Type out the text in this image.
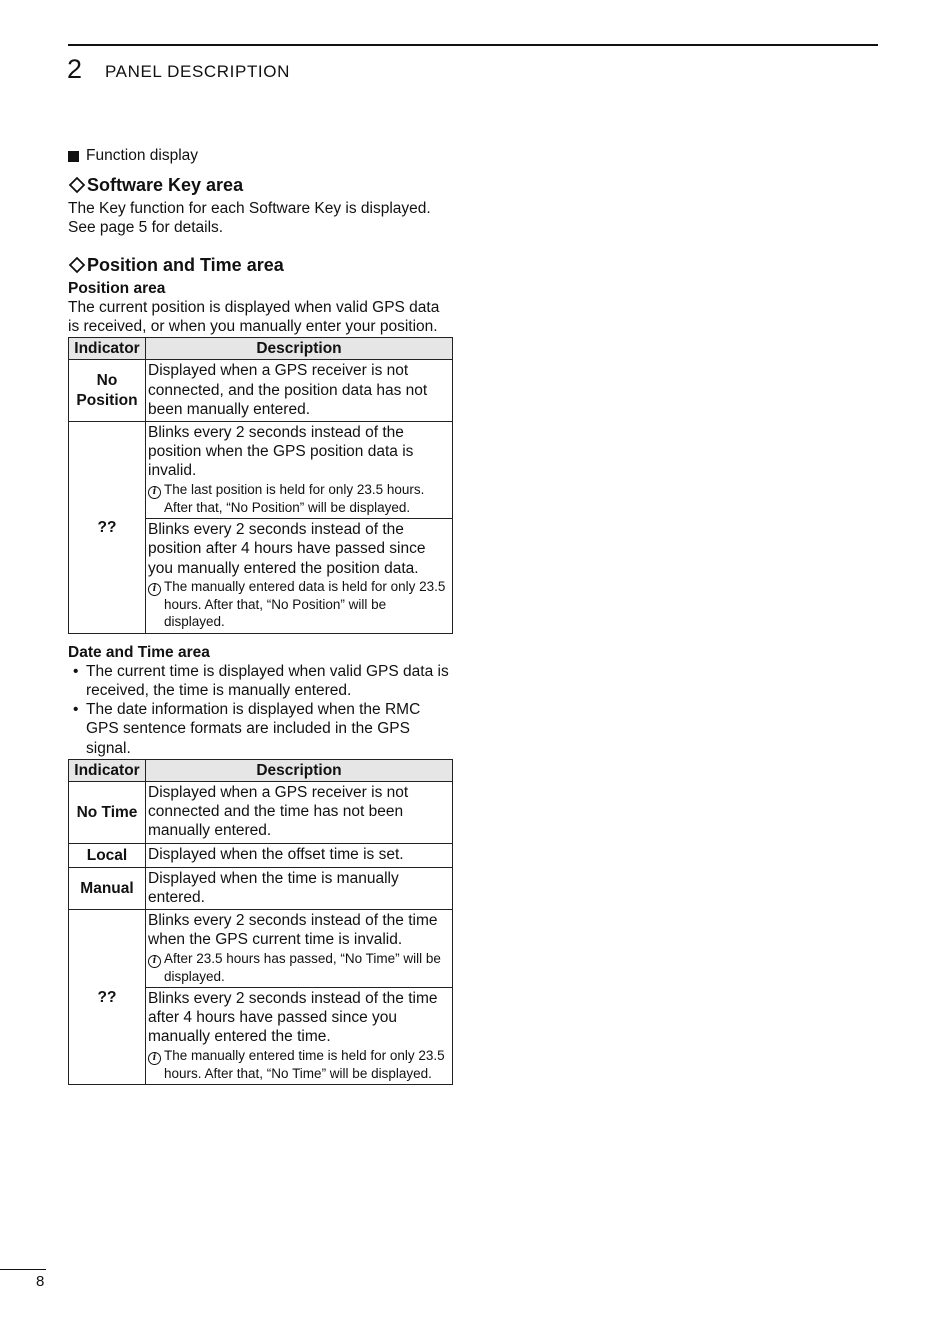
2 PANEL DESCRIPTION
Function display
Software Key area

The Key function for each Software Key is displayed. See page 5 for details.

Position and Time area
Position area

The current position is displayed when valid GPS data is received, or when you manually enter your position.

Indicator	Description
No Position	Displayed when a GPS receiver is not connected, and the position data has not been manually entered.
??	Blinks every 2 seconds instead of the position when the GPS position data is invalid.

i The last position is held for only 23.5 hours. After that, “No Position” will be displayed.

	Blinks every 2 seconds instead of the position after 4 hours have passed since you manually entered the position data.

i The manually entered data is held for only 23.5 hours. After that, “No Position” will be displayed.

Date and Time area
• The current time is displayed when valid GPS data is received, the time is manually entered.
• The date information is displayed when the RMC GPS sentence formats are included in the GPS signal.
Indicator	Description
No Time	Displayed when a GPS receiver is not connected and the time has not been manually entered.
Local	Displayed when the offset time is set.
Manual	Displayed when the time is manually entered.
??	Blinks every 2 seconds instead of the time when the GPS current time is invalid.

i After 23.5 hours has passed, “No Time” will be displayed.

	Blinks every 2 seconds instead of the time after 4 hours have passed since you manually entered the time.

i The manually entered time is held for only 23.5 hours. After that, “No Time” will be displayed.

8
